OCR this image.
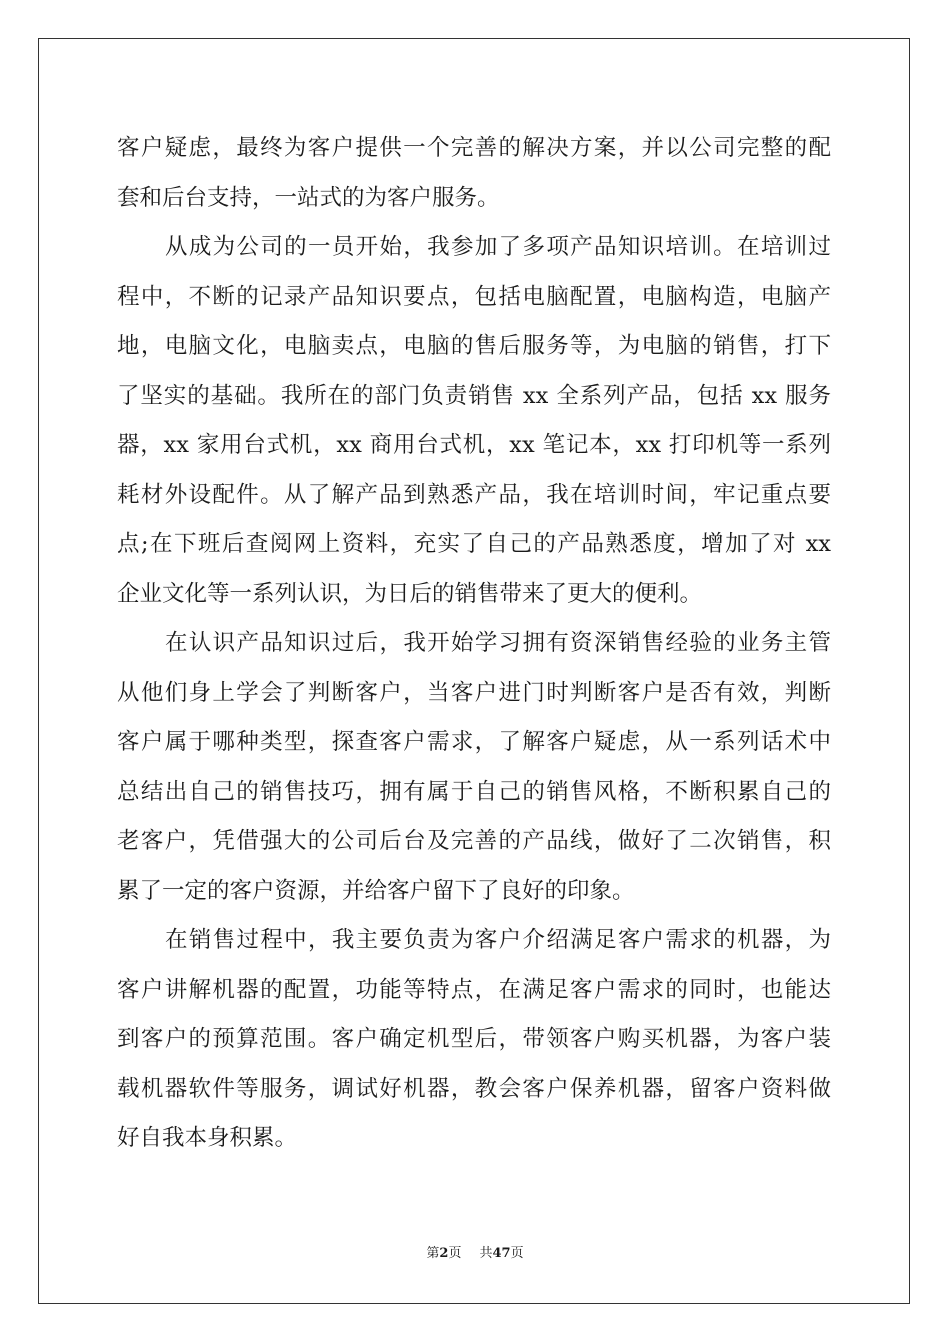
客户疑虑，最终为客户提供一个完善的解决方案，并以公司完整的配
套和后台支持，一站式的为客户服务。
从成为公司的一员开始，我参加了多项产品知识培训。在培训过
程中，不断的记录产品知识要点，包括电脑配置，电脑构造，电脑产
地，电脑文化，电脑卖点，电脑的售后服务等，为电脑的销售，打下
了坚实的基础。我所在的部门负责销售 xx 全系列产品，包括 xx 服务
器，xx 家用台式机，xx 商用台式机，xx 笔记本，xx 打印机等一系列
耗材外设配件。从了解产品到熟悉产品，我在培训时间，牢记重点要
点;在下班后查阅网上资料，充实了自己的产品熟悉度，增加了对 xx
企业文化等一系列认识，为日后的销售带来了更大的便利。
在认识产品知识过后，我开始学习拥有资深销售经验的业务主管
从他们身上学会了判断客户，当客户进门时判断客户是否有效，判断
客户属于哪种类型，探查客户需求，了解客户疑虑，从一系列话术中
总结出自己的销售技巧，拥有属于自己的销售风格，不断积累自己的
老客户，凭借强大的公司后台及完善的产品线，做好了二次销售，积
累了一定的客户资源，并给客户留下了良好的印象。
在销售过程中，我主要负责为客户介绍满足客户需求的机器，为
客户讲解机器的配置，功能等特点，在满足客户需求的同时，也能达
到客户的预算范围。客户确定机型后，带领客户购买机器，为客户装
载机器软件等服务，调试好机器，教会客户保养机器，留客户资料做
好自我本身积累。
第2页 共47页
